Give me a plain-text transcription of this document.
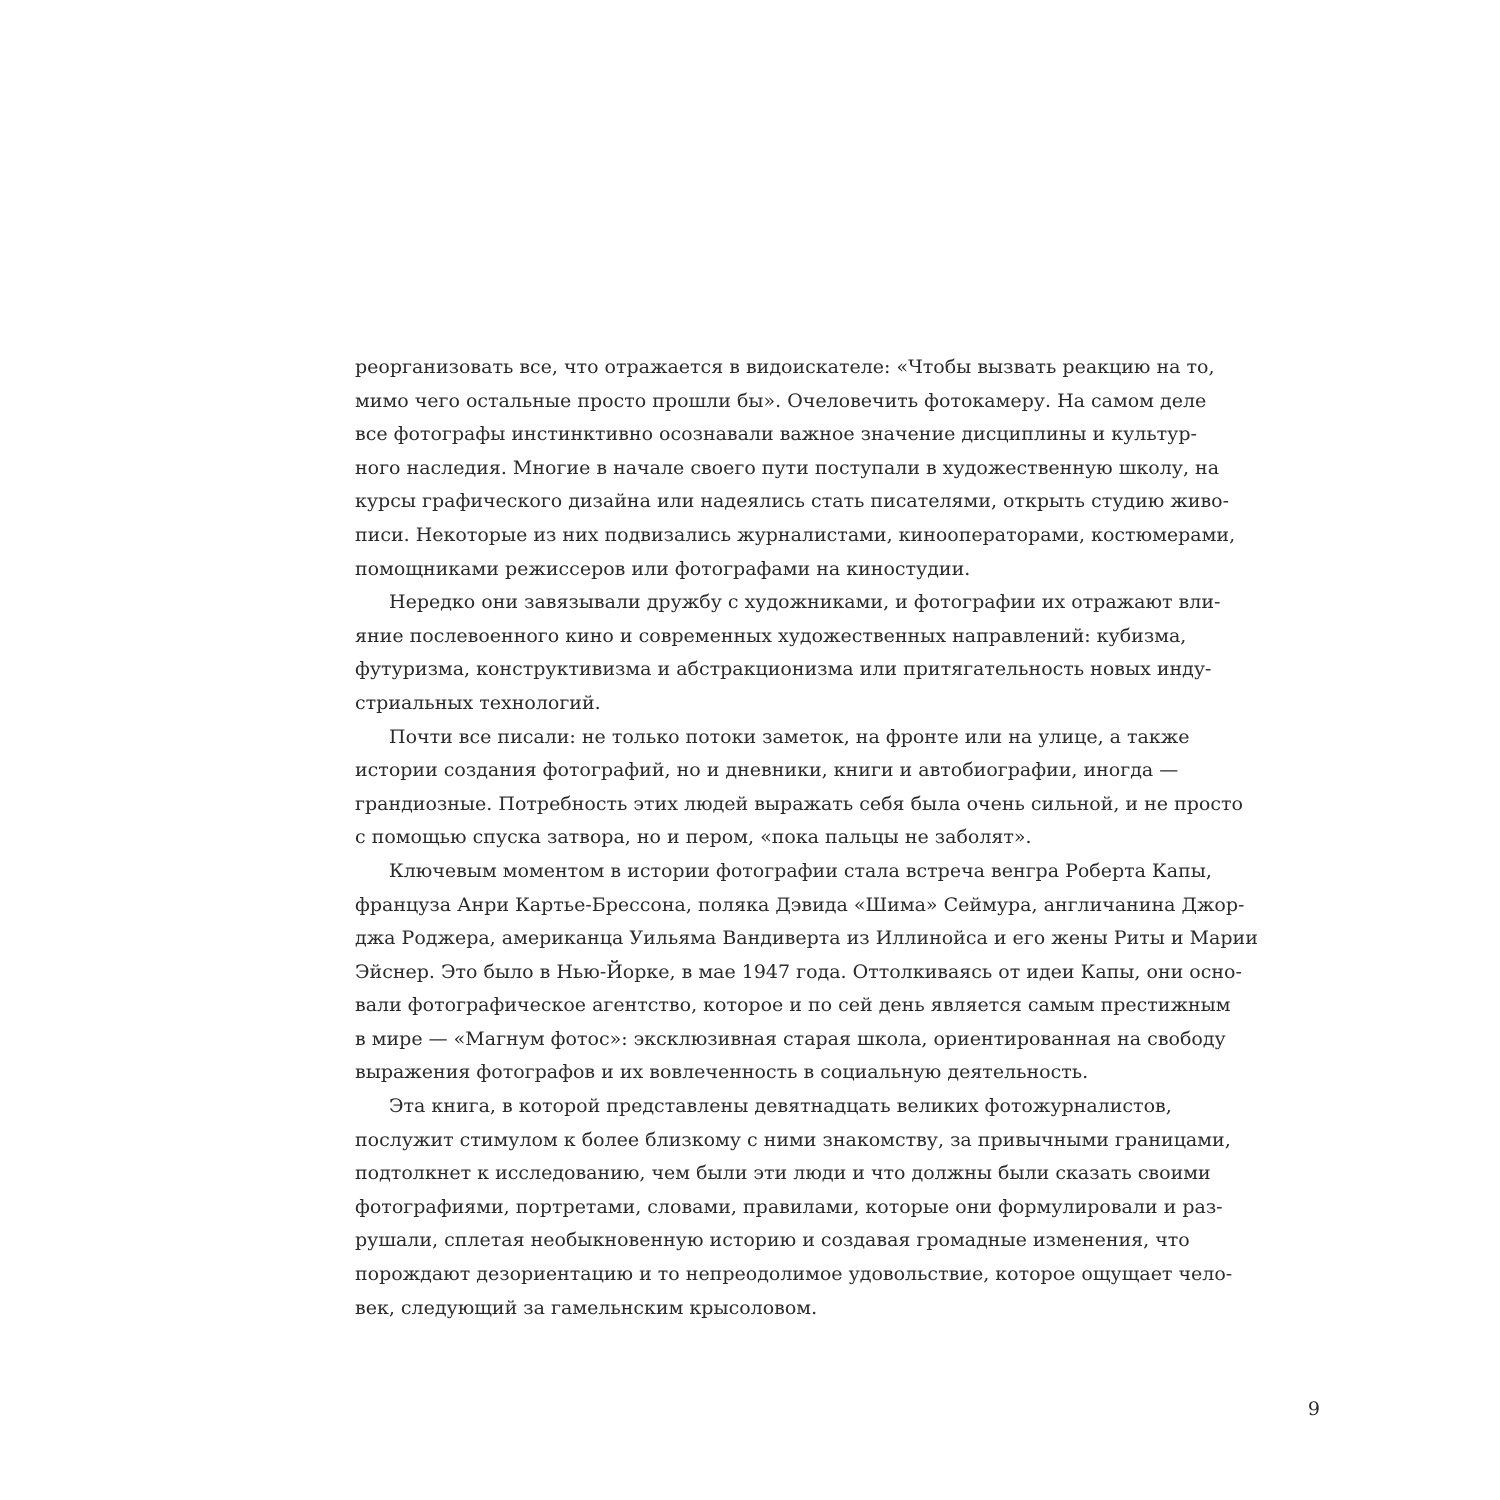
реорганизовать все, что отражается в видоискателе: «Чтобы вызвать реакцию на то,
мимо чего остальные просто прошли бы». Очеловечить фотокамеру. На самом деле
все фотографы инстинктивно осознавали важное значение дисциплины и культур-
ного наследия. Многие в начале своего пути поступали в художественную школу, на
курсы графического дизайна или надеялись стать писателями, открыть студию живо-
писи. Некоторые из них подвизались журналистами, кинооператорами, костюмерами,
помощниками режиссеров или фотографами на киностудии.

Нередко они завязывали дружбу с художниками, и фотографии их отражают вли-
яние послевоенного кино и современных художественных направлений: кубизма,
футуризма, конструктивизма и абстракционизма или притягательность новых инду-
стриальных технологий.

Почти все писали: не только потоки заметок, на фронте или на улице, а также
истории создания фотографий, но и дневники, книги и автобиографии, иногда —
грандиозные. Потребность этих людей выражать себя была очень сильной, и не просто
с помощью спуска затвора, но и пером, «пока пальцы не заболят».

Ключевым моментом в истории фотографии стала встреча венгра Роберта Капы,
француза Анри Картье-Брессона, поляка Дэвида «Шима» Сеймура, англичанина Джор-
джа Роджера, американца Уильяма Вандиверта из Иллинойса и его жены Риты и Марии
Эйснер. Это было в Нью-Йорке, в мае 1947 года. Оттолкиваясь от идеи Капы, они осно-
вали фотографическое агентство, которое и по сей день является самым престижным
в мире — «Магнум фотос»: эксклюзивная старая школа, ориентированная на свободу
выражения фотографов и их вовлеченность в социальную деятельность.

Эта книга, в которой представлены девятнадцать великих фотожурналистов,
послужит стимулом к более близкому с ними знакомству, за привычными границами,
подтолкнет к исследованию, чем были эти люди и что должны были сказать своими
фотографиями, портретами, словами, правилами, которые они формулировали и раз-
рушали, сплетая необыкновенную историю и создавая громадные изменения, что
порождают дезориентацию и то непреодолимое удовольствие, которое ощущает чело-
век, следующий за гамельнским крысоловом.

9
